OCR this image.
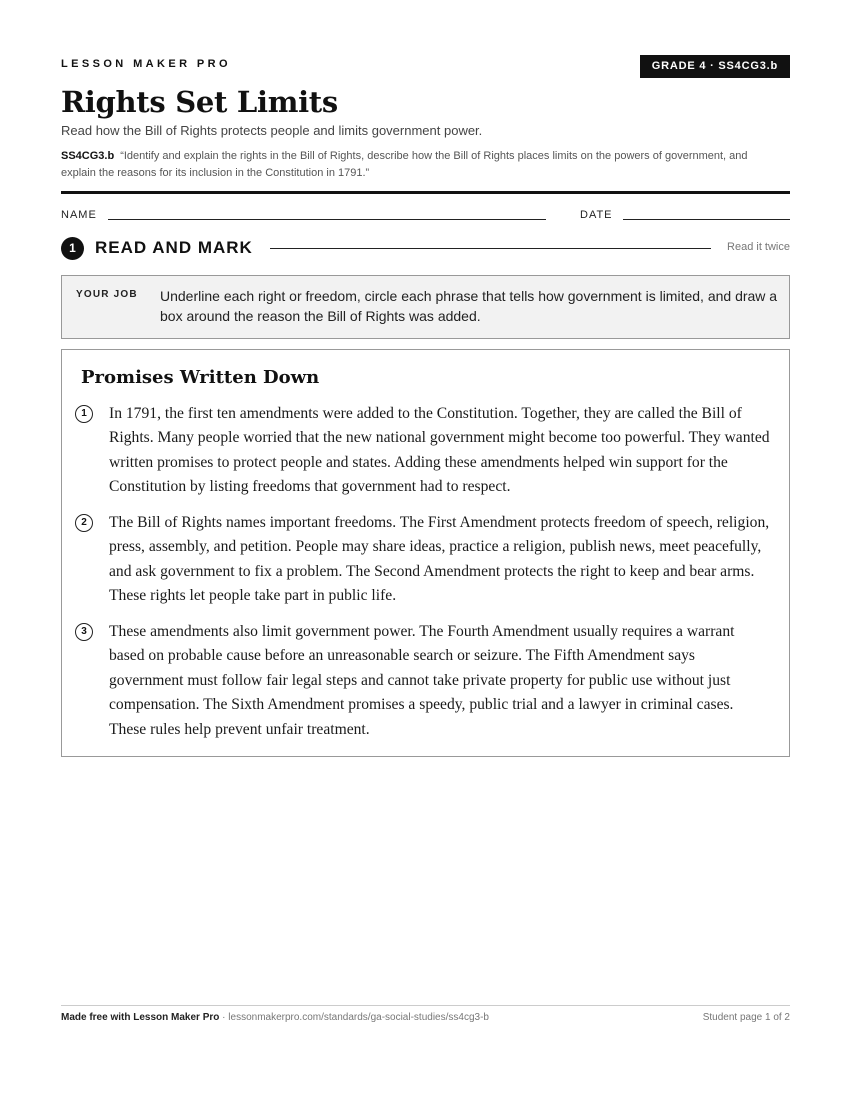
LESSON MAKER PRO	GRADE 4 · SS4CG3.b
Rights Set Limits
Read how the Bill of Rights protects people and limits government power.
SS4CG3.b “Identify and explain the rights in the Bill of Rights, describe how the Bill of Rights places limits on the powers of government, and explain the reasons for its inclusion in the Constitution in 1791.”
NAME	DATE
1	READ AND MARK	Read it twice
YOUR JOB Underline each right or freedom, circle each phrase that tells how government is limited, and draw a box around the reason the Bill of Rights was added.
Promises Written Down
1	In 1791, the first ten amendments were added to the Constitution. Together, they are called the Bill of Rights. Many people worried that the new national government might become too powerful. They wanted written promises to protect people and states. Adding these amendments helped win support for the Constitution by listing freedoms that government had to respect.
2	The Bill of Rights names important freedoms. The First Amendment protects freedom of speech, religion, press, assembly, and petition. People may share ideas, practice a religion, publish news, meet peacefully, and ask government to fix a problem. The Second Amendment protects the right to keep and bear arms. These rights let people take part in public life.
3	These amendments also limit government power. The Fourth Amendment usually requires a warrant based on probable cause before an unreasonable search or seizure. The Fifth Amendment says government must follow fair legal steps and cannot take private property for public use without just compensation. The Sixth Amendment promises a speedy, public trial and a lawyer in criminal cases. These rules help prevent unfair treatment.
Made free with Lesson Maker Pro · lessonmakerpro.com/standards/ga-social-studies/ss4cg3-b	Student page 1 of 2
